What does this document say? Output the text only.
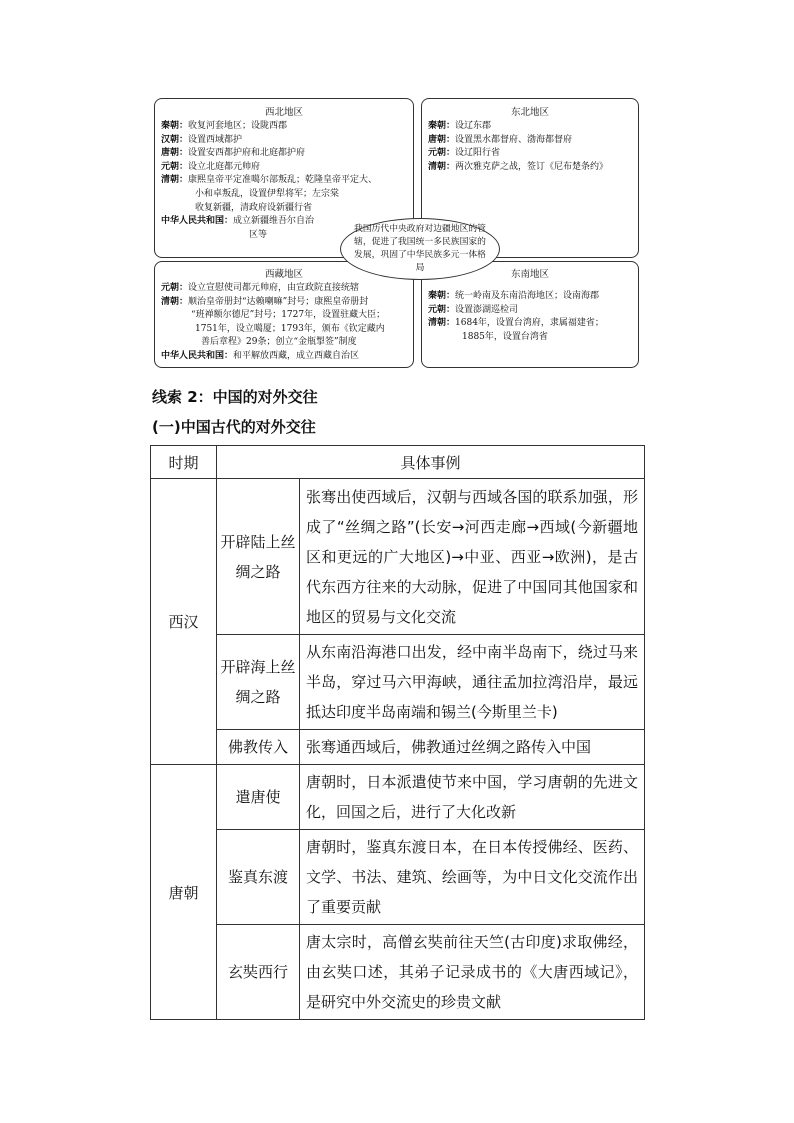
西北地区
秦朝：收复河套地区；设陇西郡
汉朝：设置西域都护
唐朝：设置安西都护府和北庭都护府
元朝：设立北庭都元帅府
清朝：康熙皇帝平定准噶尔部叛乱；乾隆皇帝平定大、
小和卓叛乱，设置伊犁将军；左宗棠
收复新疆，清政府设新疆行省
中华人民共和国：成立新疆维吾尔自治
区等
东北地区
秦朝：设辽东郡
唐朝：设置黑水都督府、渤海都督府
元朝：设辽阳行省
清朝：两次雅克萨之战，签订《尼布楚条约》
西藏地区
元朝：设立宣慰使司都元帅府，由宣政院直接统辖
清朝：顺治皇帝册封“达赖喇嘛”封号；康熙皇帝册封
“班禅额尔德尼”封号；1727年，设置驻藏大臣；
1751年，设立噶厦；1793年，颁布《钦定藏内
善后章程》29条；创立“金瓶掣签”制度
中华人民共和国：和平解放西藏，成立西藏自治区
东南地区
秦朝：统一岭南及东南沿海地区；设南海郡
元朝：设置澎湖巡检司
清朝：1684年，设置台湾府，隶属福建省；
1885年，设置台湾省
我国历代中央政府对边疆地区的管辖，促进了我国统一多民族国家的发展，巩固了中华民族多元一体格局
线索 2：中国的对外交往
(一)中国古代的对外交往
时期	具体事例	
西汉	开辟陆上丝绸之路	张骞出使西域后，汉朝与西域各国的联系加强，形成了“丝绸之路”(长安→河西走廊→西域(今新疆地区和更远的广大地区)→中亚、西亚→欧洲)，是古代东西方往来的大动脉，促进了中国同其他国家和地区的贸易与文化交流
	开辟海上丝绸之路	从东南沿海港口出发，经中南半岛南下，绕过马来半岛，穿过马六甲海峡，通往孟加拉湾沿岸，最远抵达印度半岛南端和锡兰(今斯里兰卡)
	佛教传入	张骞通西域后，佛教通过丝绸之路传入中国
唐朝	遣唐使	唐朝时，日本派遣使节来中国，学习唐朝的先进文化，回国之后，进行了大化改新
	鉴真东渡	唐朝时，鉴真东渡日本，在日本传授佛经、医药、文学、书法、建筑、绘画等，为中日文化交流作出了重要贡献
	玄奘西行	唐太宗时，高僧玄奘前往天竺(古印度)求取佛经，由玄奘口述，其弟子记录成书的《大唐西域记》，是研究中外交流史的珍贵文献
